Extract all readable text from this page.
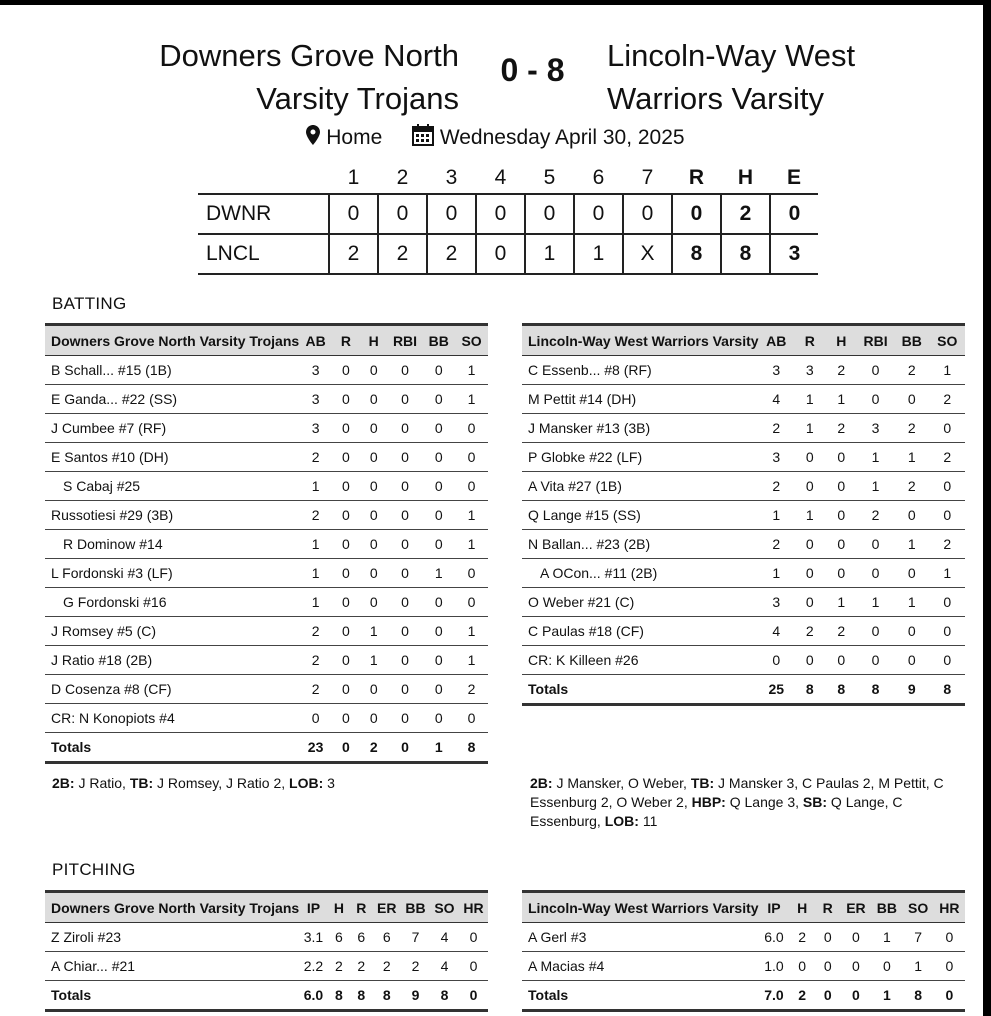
Downers Grove North
Varsity Trojans
0 - 8	Lincoln-Way West
Warriors Varsity
Home	Wednesday April 30, 2025
	1	2	3	4	5	6	7	R	H	E
DWNR	0	0	0	0	0	0	0	0	2	0
LNCL	2	2	2	0	1	1	X	8	8	3
BATTING
Downers Grove North Varsity Trojans	AB	R	H	RBI	BB	SO
B Schall... #15 (1B)	3	0	0	0	0	1
E Ganda... #22 (SS)	3	0	0	0	0	1
J Cumbee #7 (RF)	3	0	0	0	0	0
E Santos #10 (DH)	2	0	0	0	0	0
S Cabaj #25	1	0	0	0	0	0
Russotiesi #29 (3B)	2	0	0	0	0	1
R Dominow #14	1	0	0	0	0	1
L Fordonski #3 (LF)	1	0	0	0	1	0
G Fordonski #16	1	0	0	0	0	0
J Romsey #5 (C)	2	0	1	0	0	1
J Ratio #18 (2B)	2	0	1	0	0	1
D Cosenza #8 (CF)	2	0	0	0	0	2
CR: N Konopiots #4	0	0	0	0	0	0
Totals	23	0	2	0	1	8
Lincoln-Way West Warriors Varsity	AB	R	H	RBI	BB	SO
C Essenb... #8 (RF)	3	3	2	0	2	1
M Pettit #14 (DH)	4	1	1	0	0	2
J Mansker #13 (3B)	2	1	2	3	2	0
P Globke #22 (LF)	3	0	0	1	1	2
A Vita #27 (1B)	2	0	0	1	2	0
Q Lange #15 (SS)	1	1	0	2	0	0
N Ballan... #23 (2B)	2	0	0	0	1	2
A OCon... #11 (2B)	1	0	0	0	0	1
O Weber #21 (C)	3	0	1	1	1	0
C Paulas #18 (CF)	4	2	2	0	0	0
CR: K Killeen #26	0	0	0	0	0	0
Totals	25	8	8	8	9	8
2B: J Ratio, TB: J Romsey, J Ratio 2, LOB: 3	2B: J Mansker, O Weber, TB: J Mansker 3, C Paulas 2, M Pettit, C Essenburg 2, O Weber 2, HBP: Q Lange 3, SB: Q Lange, C Essenburg, LOB: 11
PITCHING
Downers Grove North Varsity Trojans	IP	H	R	ER	BB	SO	HR
Z Ziroli #23	3.1	6	6	6	7	4	0
A Chiar... #21	2.2	2	2	2	2	4	0
Totals	6.0	8	8	8	9	8	0
Lincoln-Way West Warriors Varsity	IP	H	R	ER	BB	SO	HR
A Gerl #3	6.0	2	0	0	1	7	0
A Macias #4	1.0	0	0	0	0	1	0
Totals	7.0	2	0	0	1	8	0
